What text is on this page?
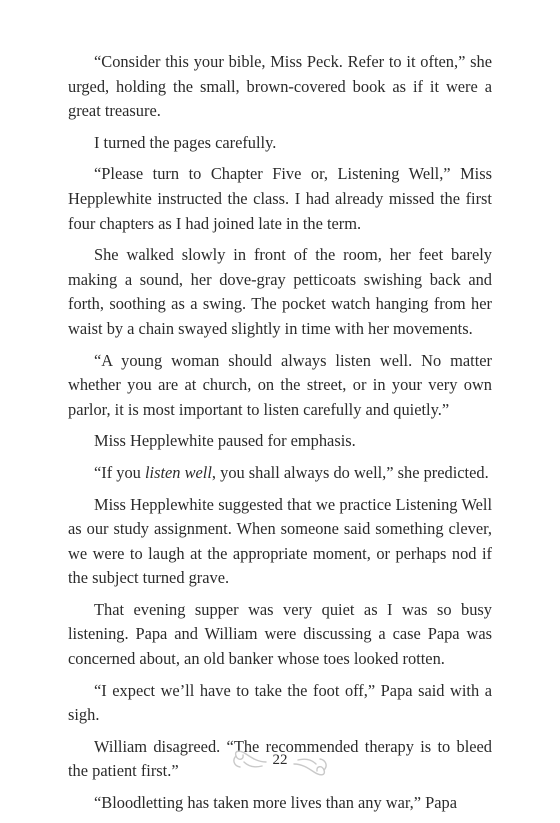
“Consider this your bible, Miss Peck. Refer to it often,” she urged, holding the small, brown-covered book as if it were a great treasure.

I turned the pages carefully.

“Please turn to Chapter Five or, Listening Well,” Miss Hepplewhite instructed the class. I had already missed the first four chapters as I had joined late in the term.

She walked slowly in front of the room, her feet barely making a sound, her dove-gray petticoats swishing back and forth, soothing as a swing. The pocket watch hanging from her waist by a chain swayed slightly in time with her movements.

“A young woman should always listen well. No matter whether you are at church, on the street, or in your very own parlor, it is most important to listen carefully and quietly.”

Miss Hepplewhite paused for emphasis.

“If you listen well, you shall always do well,” she predicted.

Miss Hepplewhite suggested that we practice Listening Well as our study assignment. When someone said something clever, we were to laugh at the appropriate moment, or perhaps nod if the subject turned grave.

That evening supper was very quiet as I was so busy listening. Papa and William were discussing a case Papa was concerned about, an old banker whose toes looked rotten.

“I expect we’ll have to take the foot off,” Papa said with a sigh.

William disagreed. “The recommended therapy is to bleed the patient first.”

“Bloodletting has taken more lives than any war,” Papa

22
